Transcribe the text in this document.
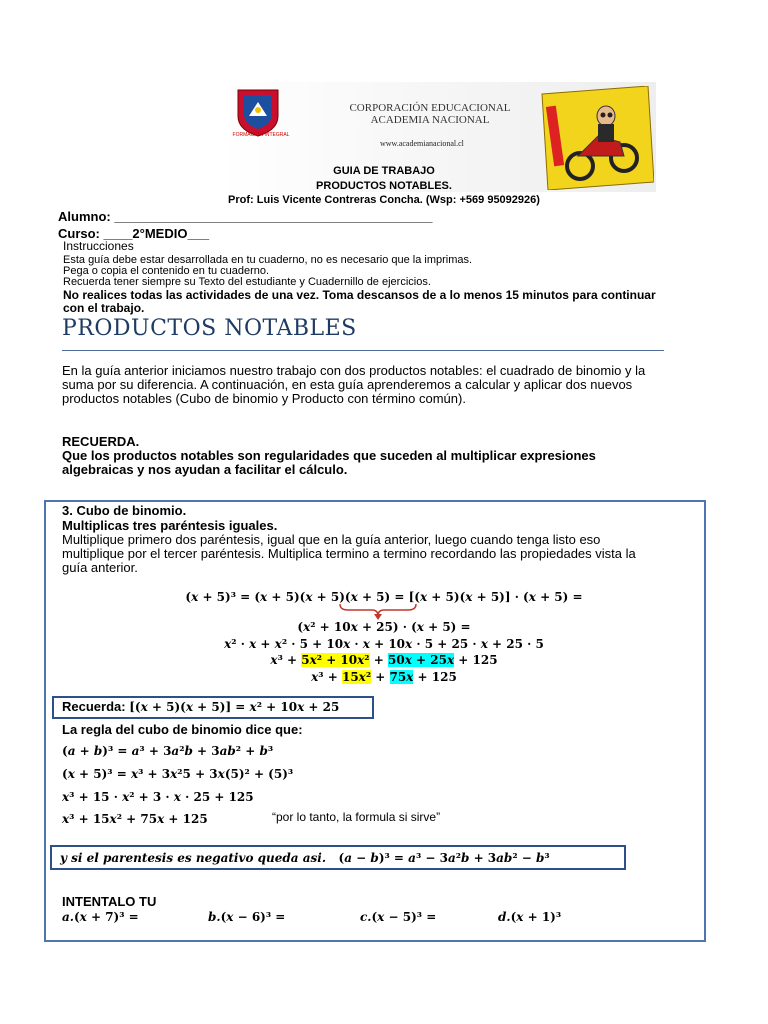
FORMACIÓN INTEGRAL
CORPORACIÓN EDUCACIONAL
ACADEMIA NACIONAL
www.academianacional.cl
GUIA DE TRABAJO
PRODUCTOS NOTABLES.
Prof: Luis Vicente Contreras Concha. (Wsp: +569 95092926)
Alumno: ____________________________________________
Curso: ____2°MEDIO___
Instrucciones
Esta guía debe estar desarrollada en tu cuaderno, no es necesario que la imprimas.
Pega o copia el contenido en tu cuaderno.
Recuerda tener siempre su Texto del estudiante y Cuadernillo de ejercicios.
No realices todas las actividades de una vez. Toma descansos de a lo menos 15 minutos para continuar con el trabajo.
PRODUCTOS NOTABLES
En la guía anterior iniciamos nuestro trabajo con dos productos notables: el cuadrado de binomio y la suma por su diferencia. A continuación, en esta guía aprenderemos a calcular y aplicar dos nuevos productos notables (Cubo de binomio y Producto con término común).
RECUERDA.
Que los productos notables son regularidades que suceden al multiplicar expresiones algebraicas y nos ayudan a facilitar el cálculo.
3. Cubo de binomio.
Multiplicas tres paréntesis iguales.
Multiplique primero dos paréntesis, igual que en la guía anterior, luego cuando tenga listo eso multiplique por el tercer paréntesis. Multiplica termino a termino recordando las propiedades vista la guía anterior.
(x + 5)³ = (x + 5)(x + 5)(x + 5) = [(x + 5)(x + 5)] · (x + 5) =
(x² + 10x + 25) · (x + 5) =
x² · x + x² · 5 + 10x · x + 10x · 5 + 25 · x + 25 · 5
x³ + 5x² + 10x² + 50x + 25x + 125
x³ + 15x² + 75x + 125
Recuerda: [(x + 5)(x + 5)] = x² + 10x + 25
La regla del cubo de binomio dice que:
(a + b)³ = a³ + 3a²b + 3ab² + b³
(x + 5)³ = x³ + 3x²5 + 3x(5)² + (5)³
x³ + 15 · x² + 3 · x · 25 + 125
x³ + 15x² + 75x + 125	“por lo tanto, la formula si sirve”
y si el parentesis es negativo queda asi.   (a − b)³ = a³ − 3a²b + 3ab² − b³
INTENTALO TU
a.(x + 7)³ =	b.(x − 6)³ =	c.(x − 5)³ =	d.(x + 1)³
